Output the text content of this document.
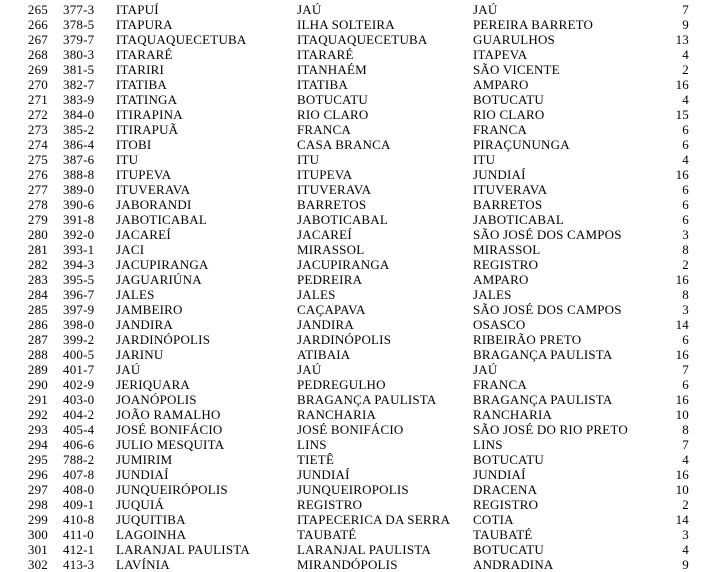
265 377-3	ITAPUÍ	JAÚ	JAÚ	7
266 378-5	ITAPURA	ILHA SOLTEIRA	PEREIRA BARRETO	9
267 379-7	ITAQUAQUECETUBA	ITAQUAQUECETUBA	GUARULHOS	13
268 380-3	ITARARÉ	ITARARÉ	ITAPEVA	4
269 381-5	ITARIRI	ITANHAÉM	SÃO VICENTE	2
270 382-7	ITATIBA	ITATIBA	AMPARO	16
271 383-9	ITATINGA	BOTUCATU	BOTUCATU	4
272 384-0	ITIRAPINA	RIO CLARO	RIO CLARO	15
273 385-2	ITIRAPUÃ	FRANCA	FRANCA	6
274 386-4	ITOBI	CASA BRANCA	PIRAÇUNUNGA	6
275 387-6	ITU	ITU	ITU	4
276 388-8	ITUPEVA	ITUPEVA	JUNDIAÍ	16
277 389-0	ITUVERAVA	ITUVERAVA	ITUVERAVA	6
278 390-6	JABORANDI	BARRETOS	BARRETOS	6
279 391-8	JABOTICABAL	JABOTICABAL	JABOTICABAL	6
280 392-0	JACAREÍ	JACAREÍ	SÃO JOSÉ DOS CAMPOS	3
281 393-1	JACI	MIRASSOL	MIRASSOL	8
282 394-3	JACUPIRANGA	JACUPIRANGA	REGISTRO	2
283 395-5	JAGUARIÚNA	PEDREIRA	AMPARO	16
284 396-7	JALES	JALES	JALES	8
285 397-9	JAMBEIRO	CAÇAPAVA	SÃO JOSÉ DOS CAMPOS	3
286 398-0	JANDIRA	JANDIRA	OSASCO	14
287 399-2	JARDINÓPOLIS	JARDINÓPOLIS	RIBEIRÃO PRETO	6
288 400-5	JARINU	ATIBAIA	BRAGANÇA PAULISTA	16
289 401-7	JAÚ	JAÚ	JAÚ	7
290 402-9	JERIQUARA	PEDREGULHO	FRANCA	6
291 403-0	JOANÓPOLIS	BRAGANÇA PAULISTA	BRAGANÇA PAULISTA	16
292 404-2	JOÃO RAMALHO	RANCHARIA	RANCHARIA	10
293 405-4	JOSÉ BONIFÁCIO	JOSÉ BONIFÁCIO	SÃO JOSÉ DO RIO PRETO	8
294 406-6	JULIO MESQUITA	LINS	LINS	7
295 788-2	JUMIRIM	TIETÊ	BOTUCATU	4
296 407-8	JUNDIAÍ	JUNDIAÍ	JUNDIAÍ	16
297 408-0	JUNQUEIRÓPOLIS	JUNQUEIROPOLIS	DRACENA	10
298 409-1	JUQUIÁ	REGISTRO	REGISTRO	2
299 410-8	JUQUITIBA	ITAPECERICA DA SERRA	COTIA	14
300 411-0	LAGOINHA	TAUBATÉ	TAUBATÉ	3
301 412-1	LARANJAL PAULISTA	LARANJAL PAULISTA	BOTUCATU	4
302 413-3	LAVÍNIA	MIRANDÓPOLIS	ANDRADINA	9
